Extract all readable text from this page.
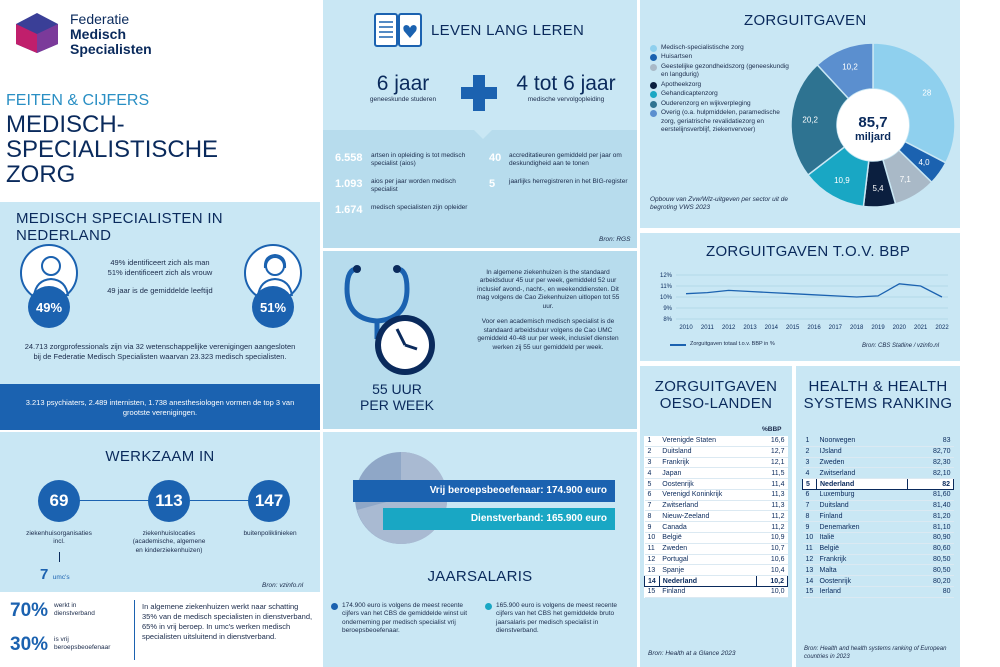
Federatie
Medisch
Specialisten
FEITEN & CIJFERS
MEDISCH-
SPECIALISTISCHE
ZORG
MEDISCH SPECIALISTEN IN NEDERLAND
49%	51%
49% identificeert zich als man
51% identificeert zich als vrouw
49 jaar is de gemiddelde leeftijd
24.713 zorgprofessionals zijn via 32 wetenschappelijke verenigingen aangesloten bij de Federatie Medisch Specialisten waarvan 23.323 medisch specialisten.
3.213 psychiaters, 2.489 internisten, 1.738 anesthesiologen vormen de top 3 van grootste verenigingen.
WERKZAAM IN
69	113	147
ziekenhuisorganisaties
incl.
7 umc's
ziekenhuislocaties
(academische, algemene
en kinderziekenhuizen)
buitenpoliklinieken
Bron: vzinfo.nl
70% werkt in
dienstverband
30% is vrij
beroepsbeoefenaar
In algemene ziekenhuizen werkt naar schatting 35% van de medisch specialisten in dienstverband, 65% in vrij beroep. In umc's werken medisch specialisten uitsluitend in dienstverband.
LEVEN LANG LEREN
6 jaar
geneeskunde studeren
4 tot 6 jaar
medische vervolgopleiding
6.558	artsen in opleiding is tot medisch specialist (aios)
1.093	aios per jaar worden medisch specialist
1.674	medisch specialisten zijn opleider
40	accreditatieuren gemiddeld per jaar om deskundigheid aan te tonen
5	jaarlijks herregistreren in het BIG-register
Bron: RGS
55 UUR
PER WEEK
In algemene ziekenhuizen is the standaard arbeidsduur 45 uur per week, gemiddeld 52 uur inclusief avond-, nacht-, en weekenddiensten. Dit mag volgens de Cao Ziekenhuizen uitlopen tot 55 uur.
Voor een academisch medisch specialist is de standaard arbeidsduur volgens de Cao UMC gemiddeld 40-48 uur per week, inclusief diensten werken zij 55 uur gemiddeld per week.
Vrij beroepsbeoefenaar: 174.900 euro
Dienstverband: 165.900 euro
JAARSALARIS
174.900 euro is volgens de meest recente cijfers van het CBS de gemiddelde winst uit onderneming per medisch specialist vrij beroepsbeoefenaar.
165.900 euro is volgens de meest recente cijfers van het CBS het gemiddelde bruto jaarsalaris per medisch specialist in dienstverband.
ZORGUITGAVEN
Medisch-specialistische zorg
Huisartsen
Geestelijke gezondheidszorg (geneeskundig en langdurig)
Apotheekzorg
Gehandicaptenzorg
Ouderenzorg en wijkverpleging
Overig (o.a. hulpmiddelen, paramedische zorg, geriatrische revalidatiezorg en eerstelijnsverblijf, ziekenvervoer)
Opbouw van Zvw/Wlz-uitgeven per sector uit de begroting VWS 2023
28
4,0
7,1
5,4
10,9
20,2
10,2
85,7
miljard
ZORGUITGAVEN T.O.V. BBP
12%
11%
10%
9%
8%
2010 2011 2012 2013 2014 2015 2016 2017 2018 2019 2020 2021 2022
Zorguitgaven totaal t.o.v. BBP in %	Bron: CBS Statline / vzinfo.nl
ZORGUITGAVEN
OESO-LANDEN
%BBP
1	Verenigde Staten	16,6
2	Duitsland	12,7
3	Frankrijk	12,1
4	Japan	11,5
5	Oostenrijk	11,4
6	Verenigd Koninkrijk	11,3
7	Zwitserland	11,3
8	Nieuw-Zeeland	11,2
9	Canada	11,2
10	België	10,9
11	Zweden	10,7
12	Portugal	10,6
13	Spanje	10,4
14	Nederland	10,2
15	Finland	10,0
Bron: Health at a Glance 2023
HEALTH & HEALTH
SYSTEMS RANKING
1	Noorwegen	83
2	IJsland	82,70
3	Zweden	82,30
4	Zwitserland	82,10
5	Nederland	82
6	Luxemburg	81,60
7	Duitsland	81,40
8	Finland	81,20
9	Denemarken	81,10
10	Italië	80,90
11	België	80,60
12	Frankrijk	80,50
13	Malta	80,50
14	Oostenrijk	80,20
15	Ierland	80
Bron: Health and health systems ranking of European countries in 2023
